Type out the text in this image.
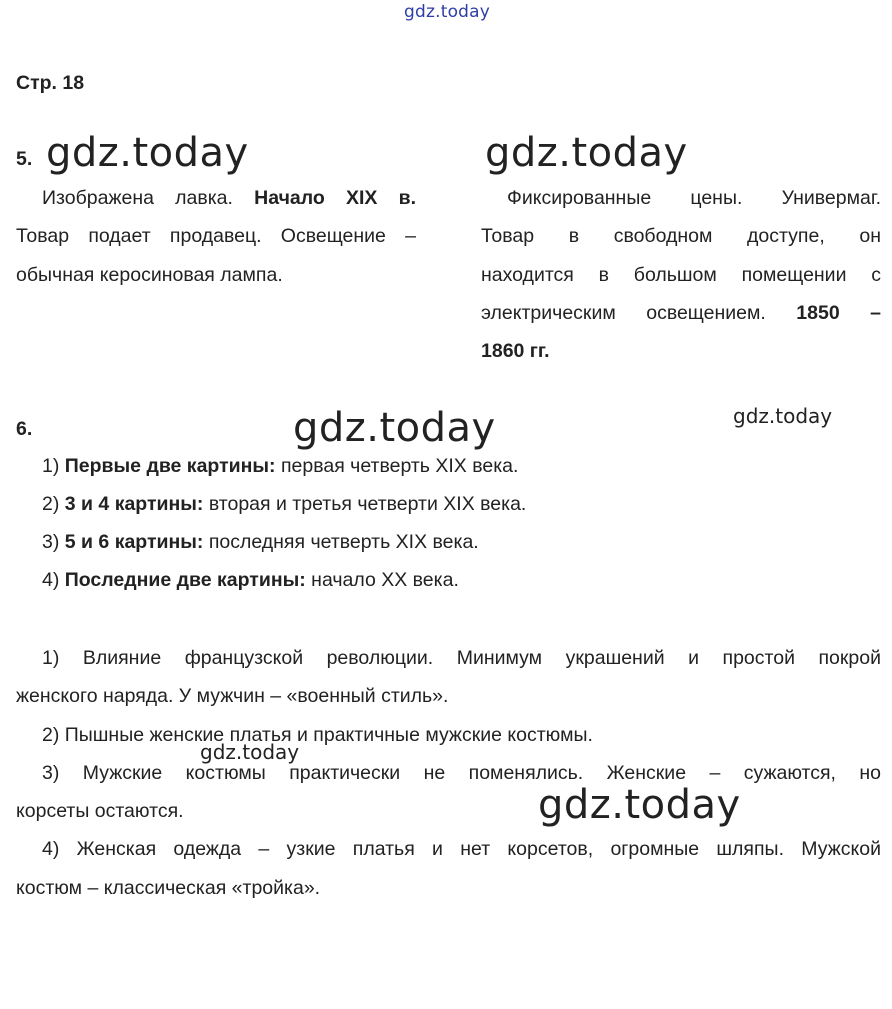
gdz.today
gdz.today	gdz.today
gdz.today	gdz.today
gdz.today
gdz.today
Стр. 18
5.

Изображена лавка. Начало XIX в.

Товар подает продавец. Освещение –

обычная керосиновая лампа.

Фиксированные цены. Универмаг.

Товар в свободном доступе, он

находится в большом помещении с

электрическим освещением. 1850 –

1860 гг.

6.
1) Первые две картины: первая четверть XIX века.
2) 3 и 4 картины: вторая и третья четверти XIX века.
3) 5 и 6 картины: последняя четверть XIX века.
4) Последние две картины: начало XX века.
1) Влияние французской революции. Минимум украшений и простой покрой
женского наряда. У мужчин – «военный стиль».
2) Пышные женские платья и практичные мужские костюмы.
3) Мужские костюмы практически не поменялись. Женские – сужаются, но
корсеты остаются.
4) Женская одежда – узкие платья и нет корсетов, огромные шляпы. Мужской
костюм – классическая «тройка».
